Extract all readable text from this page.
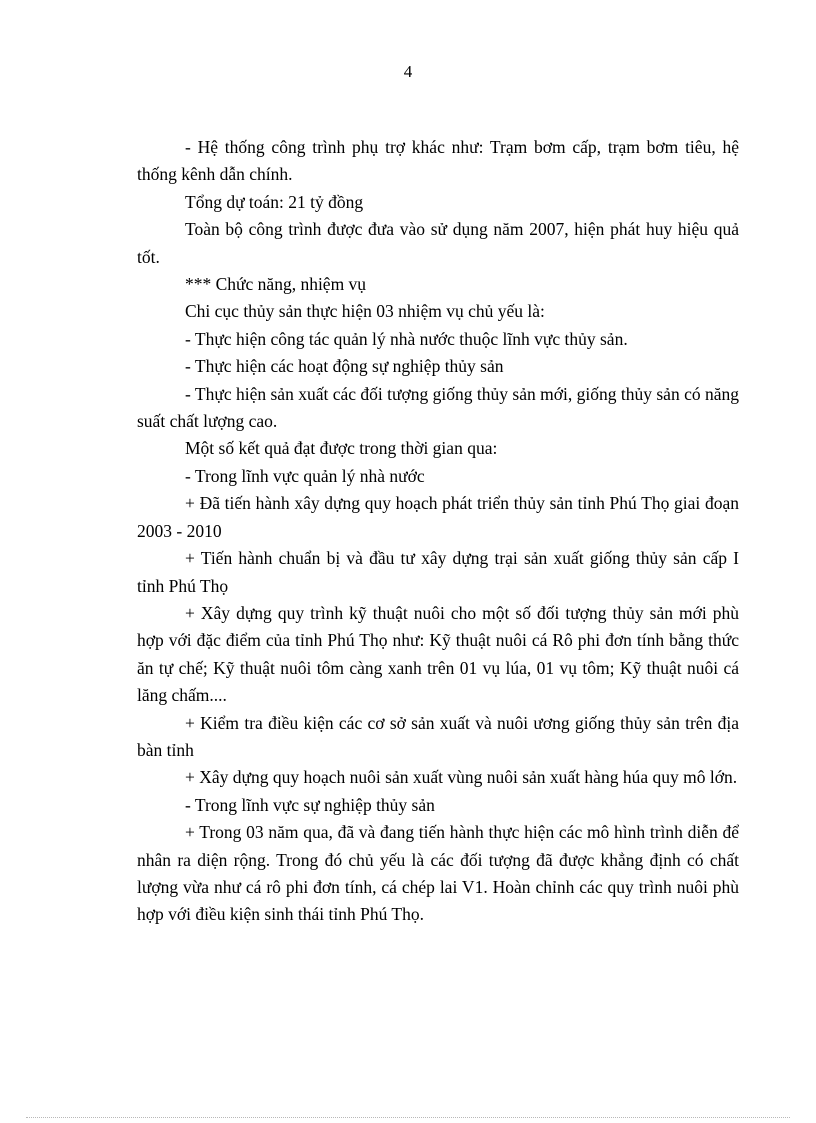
4

- Hệ thống công trình phụ trợ khác như: Trạm bơm cấp, trạm bơm tiêu, hệ thống kênh dẫn chính.

Tổng dự toán: 21 tỷ đồng

Toàn bộ công trình được đưa vào sử dụng năm 2007, hiện phát huy hiệu quả tốt.

*** Chức năng, nhiệm vụ

Chi cục thủy sản thực hiện 03 nhiệm vụ chủ yếu là:

- Thực hiện công tác quản lý nhà nước thuộc lĩnh vực thủy sản.

- Thực hiện các hoạt động sự nghiệp thủy sản

- Thực hiện sản xuất các đối tượng giống thủy sản mới, giống thủy sản có năng suất chất lượng cao.

Một số kết quả đạt được trong thời gian qua:

- Trong lĩnh vực quản lý nhà nước

+ Đã tiến hành xây dựng quy hoạch phát triển thủy sản tỉnh Phú Thọ giai đoạn 2003 - 2010

+ Tiến hành chuẩn bị và đầu tư xây dựng trại sản xuất giống thủy sản cấp I tỉnh Phú Thọ

+ Xây dựng quy trình kỹ thuật nuôi cho một số đối tượng thủy sản mới phù hợp với đặc điểm của tỉnh Phú Thọ như: Kỹ thuật nuôi cá Rô phi đơn tính bằng thức ăn tự chế; Kỹ thuật nuôi tôm càng xanh trên 01 vụ lúa, 01 vụ tôm; Kỹ thuật nuôi cá lăng chấm....

+ Kiểm tra điều kiện các cơ sở sản xuất và nuôi ương giống thủy sản trên địa bàn tỉnh

+ Xây dựng quy hoạch nuôi sản xuất vùng nuôi sản xuất hàng húa quy mô lớn.

- Trong lĩnh vực sự nghiệp thủy sản

+ Trong 03 năm qua, đã và đang tiến hành thực hiện các mô hình trình diễn để nhân ra diện rộng. Trong đó chủ yếu là các đối tượng đã được khẳng định có chất lượng vừa như cá rô phi đơn tính, cá chép lai V1. Hoàn chỉnh các quy trình nuôi phù hợp với điều kiện sinh thái tỉnh Phú Thọ.
